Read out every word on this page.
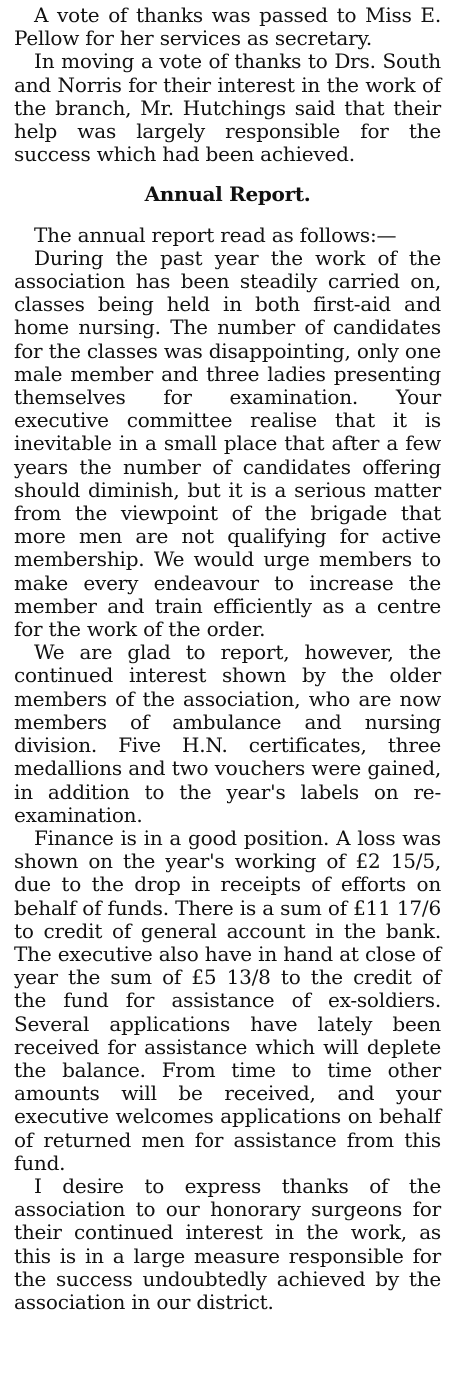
A vote of thanks was passed to Miss E. Pellow for her services as secretary.

In moving a vote of thanks to Drs. South and Norris for their interest in the work of the branch, Mr. Hutchings said that their help was largely responsible for the success which had been achieved.

Annual Report.

The annual report read as follows:—

During the past year the work of the association has been steadily carried on, classes being held in both first-aid and home nursing. The number of candidates for the classes was disappointing, only one male member and three ladies presenting themselves for examination. Your executive committee realise that it is inevitable in a small place that after a few years the number of candidates offering should diminish, but it is a serious matter from the viewpoint of the brigade that more men are not qualifying for active membership. We would urge members to make every endeavour to increase the member and train efficiently as a centre for the work of the order.

We are glad to report, however, the continued interest shown by the older members of the association, who are now members of ambulance and nursing division. Five H.N. certificates, three medallions and two vouchers were gained, in addition to the year's labels on re-examination.

Finance is in a good position. A loss was shown on the year's working of £2 15/5, due to the drop in receipts of efforts on behalf of funds. There is a sum of £11 17/6 to credit of general account in the bank. The executive also have in hand at close of year the sum of £5 13/8 to the credit of the fund for assistance of ex-soldiers. Several applications have lately been received for assistance which will deplete the balance. From time to time other amounts will be received, and your executive welcomes applications on behalf of returned men for assistance from this fund.

I desire to express thanks of the association to our honorary surgeons for their continued interest in the work, as this is in a large measure responsible for the success undoubtedly achieved by the association in our district.
